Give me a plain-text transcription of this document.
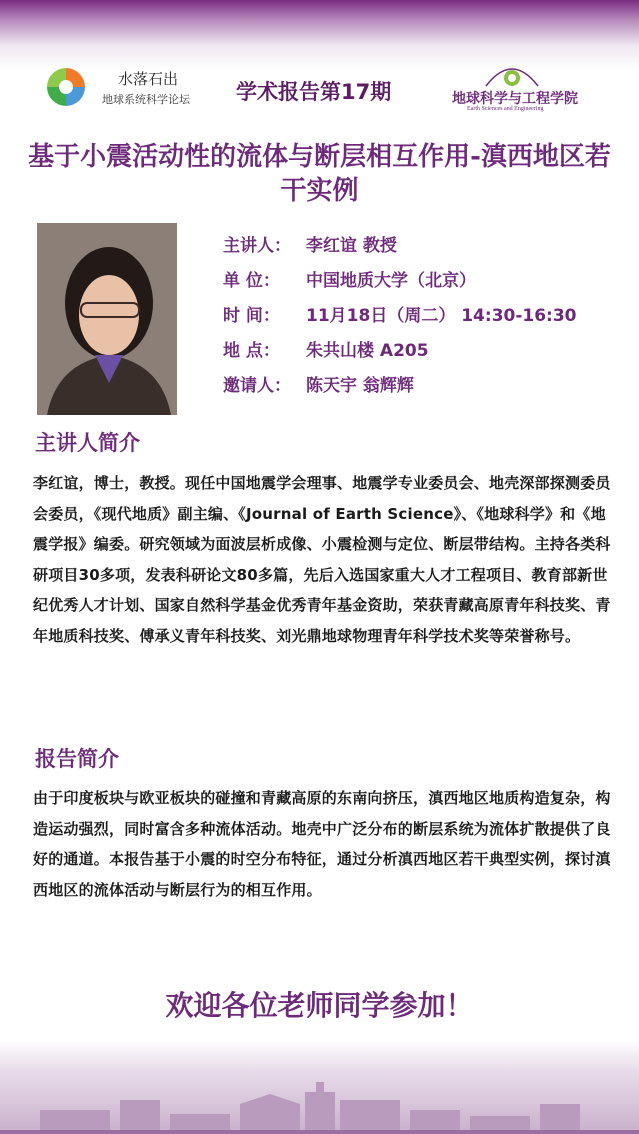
水落石出
地球系统科学论坛 学术报告第17期	地球科学与工程学院
Earth Sciences and Engineering
基于小震活动性的流体与断层相互作用-滇西地区若干实例
主讲人： 李红谊 教授
单 位： 中国地质大学（北京）
时 间： 11月18日（周二） 14:30-16:30
地 点： 朱共山楼 A205
邀请人： 陈天宇 翁辉辉
主讲人简介
李红谊，博士，教授。现任中国地震学会理事、地震学专业委员会、地壳深部探测委员会委员，《现代地质》副主编、《Journal of Earth Science》、《地球科学》和《地震学报》编委。研究领域为面波层析成像、小震检测与定位、断层带结构。主持各类科研项目30多项，发表科研论文80多篇，先后入选国家重大人才工程项目、教育部新世纪优秀人才计划、国家自然科学基金优秀青年基金资助，荣获青藏高原青年科技奖、青年地质科技奖、傅承义青年科技奖、刘光鼎地球物理青年科学技术奖等荣誉称号。
报告简介
由于印度板块与欧亚板块的碰撞和青藏高原的东南向挤压，滇西地区地质构造复杂，构造运动强烈，同时富含多种流体活动。地壳中广泛分布的断层系统为流体扩散提供了良好的通道。本报告基于小震的时空分布特征，通过分析滇西地区若干典型实例，探讨滇西地区的流体活动与断层行为的相互作用。
欢迎各位老师同学参加！
